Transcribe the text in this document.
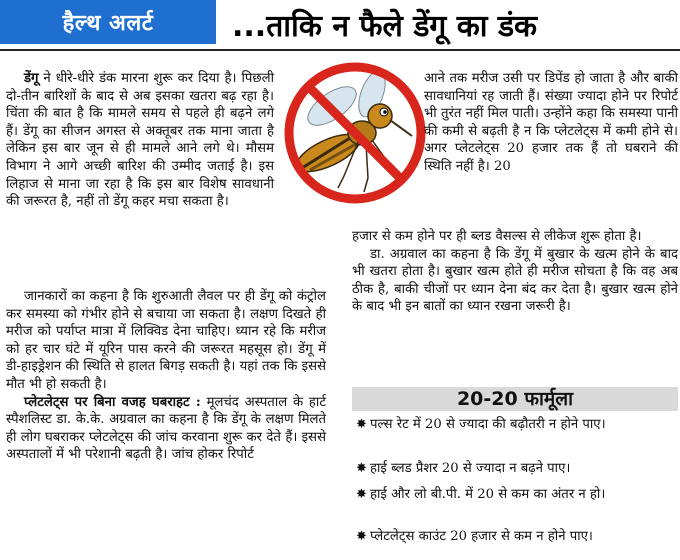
हैल्थ अलर्ट	...ताकि न फैले डेंगू का डंक

डेंगू ने धीरे-धीरे डंक मारना शुरू कर दिया है। पिछली दो-तीन बारिशों के बाद से अब इसका खतरा बढ़ रहा है। चिंता की बात है कि मामले समय से पहले ही बढ़ने लगे हैं। डेंगू का सीजन अगस्त से अक्तूबर तक माना जाता है लेकिन इस बार जून से ही मामले आने लगे थे। मौसम विभाग ने आगे अच्छी बारिश की उम्मीद जताई है। इस लिहाज से माना जा रहा है कि इस बार विशेष सावधानी की जरूरत है, नहीं तो डेंगू कहर मचा सकता है।

जानकारों का कहना है कि शुरुआती लैवल पर ही डेंगू को कंट्रोल कर समस्या को गंभीर होने से बचाया जा सकता है। लक्षण दिखते ही मरीज को पर्याप्त मात्रा में लिक्विड देना चाहिए। ध्यान रहे कि मरीज को हर चार घंटे में यूरिन पास करने की जरूरत महसूस हो। डेंगू में डी-हाइड्रेशन की स्थिति से हालत बिगड़ सकती है। यहां तक कि इससे मौत भी हो सकती है।

प्लेटलेट्स पर बिना वजह घबराहट : मूलचंद अस्पताल के हार्ट स्पैशलिस्ट डा. के.के. अग्रवाल का कहना है कि डेंगू के लक्षण मिलते ही लोग घबराकर प्लेटलेट्स की जांच करवाना शुरू कर देते हैं। इससे अस्पतालों में भी परेशानी बढ़ती है। जांच होकर रिपोर्ट

आने तक मरीज उसी पर डिपेंड हो जाता है और बाकी सावधानियां रह जाती हैं। संख्या ज्यादा होने पर रिपोर्ट भी तुरंत नहीं मिल पाती। उन्होंने कहा कि समस्या पानी की कमी से बढ़ती है न कि प्लेटलेट्स में कमी होने से। अगर प्लेटलेट्स 20 हजार तक हैं तो घबराने की स्थिति नहीं है। 20

हजार से कम होने पर ही ब्लड वैसल्स से लीकेज शुरू होता है।

डा. अग्रवाल का कहना है कि डेंगू में बुखार के खत्म होने के बाद भी खतरा होता है। बुखार खत्म होते ही मरीज सोचता है कि वह अब ठीक है, बाकी चीजों पर ध्यान देना बंद कर देता है। बुखार खत्म होने के बाद भी इन बातों का ध्यान रखना जरूरी है।

20-20 फार्मूला
✸ पल्स रेट में 20 से ज्यादा की बढ़ौतरी न होने पाए।
✸ हाई ब्लड प्रैशर 20 से ज्यादा न बढ़ने पाए।
✸ हाई और लो बी.पी. में 20 से कम का अंतर न हो।
✸ प्लेटलेट्स काउंट 20 हजार से कम न होने पाए।
